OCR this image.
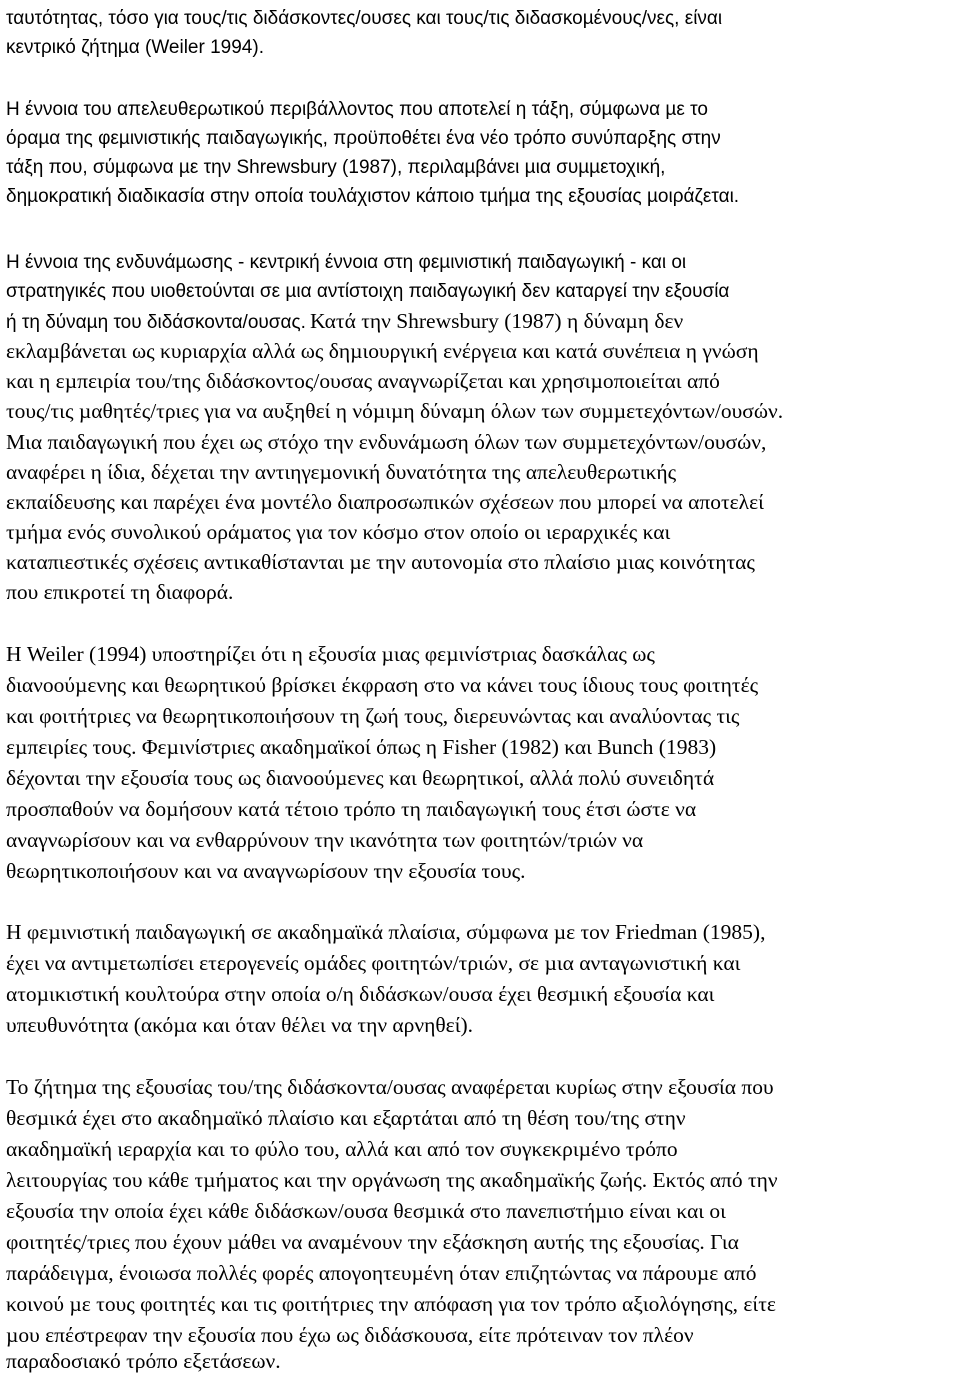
ταυτότητας, τόσο για τους/τις διδάσκοντες/ουσες και τους/τις διδασκοµένους/νες, είναι

κεντρικό ζήτηµα (Weiler 1994).

Η έννοια του απελευθερωτικού περιβάλλοντος που αποτελεί η τάξη, σύµφωνα µε το

όραµα της φεµινιστικής παιδαγωγικής, προϋποθέτει ένα νέο τρόπο συνύπαρξης στην

τάξη που, σύµφωνα µε την Shrewsbury (1987), περιλαµβάνει µια συµµετοχική,

δηµοκρατική διαδικασία στην οποία τουλάχιστον κάποιο τµήµα της εξουσίας µοιράζεται.

Η έννοια της ενδυνάµωσης - κεντρική έννοια στη φεµινιστική παιδαγωγική - και οι

στρατηγικές που υιοθετούνται σε µια αντίστοιχη παιδαγωγική δεν καταργεί την εξουσία

ή τη δύναµη του διδάσκοντα/ουσας. Κατά την Shrewsbury (1987) η δύναµη δεν

εκλαµβάνεται ως κυριαρχία αλλά ως δηµιουργική ενέργεια και κατά συνέπεια η γνώση

και η εµπειρία του/της διδάσκοντος/ουσας αναγνωρίζεται και χρησιµοποιείται από

τους/τις µαθητές/τριες για να αυξηθεί η νόµιµη δύναµη όλων των συµµετεχόντων/ουσών.

Μια παιδαγωγική που έχει ως στόχο την ενδυνάµωση όλων των συµµετεχόντων/ουσών,

αναφέρει η ίδια, δέχεται την αντιηγεµονική δυνατότητα της απελευθερωτικής

εκπαίδευσης και παρέχει ένα µοντέλο διαπροσωπικών σχέσεων που µπορεί να αποτελεί

τµήµα ενός συνολικού οράµατος για τον κόσµο στον οποίο οι ιεραρχικές και

καταπιεστικές σχέσεις αντικαθίστανται µε την αυτονοµία στο πλαίσιο µιας κοινότητας

που επικροτεί τη διαφορά.

Η Weiler (1994) υποστηρίζει ότι η εξουσία µιας φεµινίστριας δασκάλας ως

διανοούµενης και θεωρητικού βρίσκει έκφραση στο να κάνει τους ίδιους τους φοιτητές

και φοιτήτριες να θεωρητικοποιήσουν τη ζωή τους, διερευνώντας και αναλύοντας τις

εµπειρίες τους. Φεµινίστριες ακαδηµαϊκοί όπως η Fisher (1982) και Bunch (1983)

δέχονται την εξουσία τους ως διανοούµενες και θεωρητικοί, αλλά πολύ συνειδητά

προσπαθούν να δοµήσουν κατά τέτοιο τρόπο τη παιδαγωγική τους έτσι ώστε να

αναγνωρίσουν και να ενθαρρύνουν την ικανότητα των φοιτητών/τριών να

θεωρητικοποιήσουν και να αναγνωρίσουν την εξουσία τους.

Η φεµινιστική παιδαγωγική σε ακαδηµαϊκά πλαίσια, σύµφωνα µε τον Friedman (1985),

έχει να αντιµετωπίσει ετερογενείς οµάδες φοιτητών/τριών, σε µια ανταγωνιστική και

ατοµικιστική κουλτούρα στην οποία ο/η διδάσκων/ουσα έχει θεσµική εξουσία και

υπευθυνότητα (ακόµα και όταν θέλει να την αρνηθεί).

Το ζήτηµα της εξουσίας του/της διδάσκοντα/ουσας αναφέρεται κυρίως στην εξουσία που

θεσµικά έχει στο ακαδηµαϊκό πλαίσιο και εξαρτάται από τη θέση του/της στην

ακαδηµαϊκή ιεραρχία και το φύλο του, αλλά και από τον συγκεκριµένο τρόπο

λειτουργίας του κάθε τµήµατος και την οργάνωση της ακαδηµαϊκής ζωής. Εκτός από την

εξουσία την οποία έχει κάθε διδάσκων/ουσα θεσµικά στο πανεπιστήµιο είναι και οι

φοιτητές/τριες που έχουν µάθει να αναµένουν την εξάσκηση αυτής της εξουσίας. Για

παράδειγµα, ένοιωσα πολλές φορές απογοητευµένη όταν επιζητώντας να πάρουµε από

κοινού µε τους φοιτητές και τις φοιτήτριες την απόφαση για τον τρόπο αξιολόγησης, είτε

µου επέστρεφαν την εξουσία που έχω ως διδάσκουσα, είτε πρότειναν τον πλέον

παραδοσιακό τρόπο εξετάσεων.
